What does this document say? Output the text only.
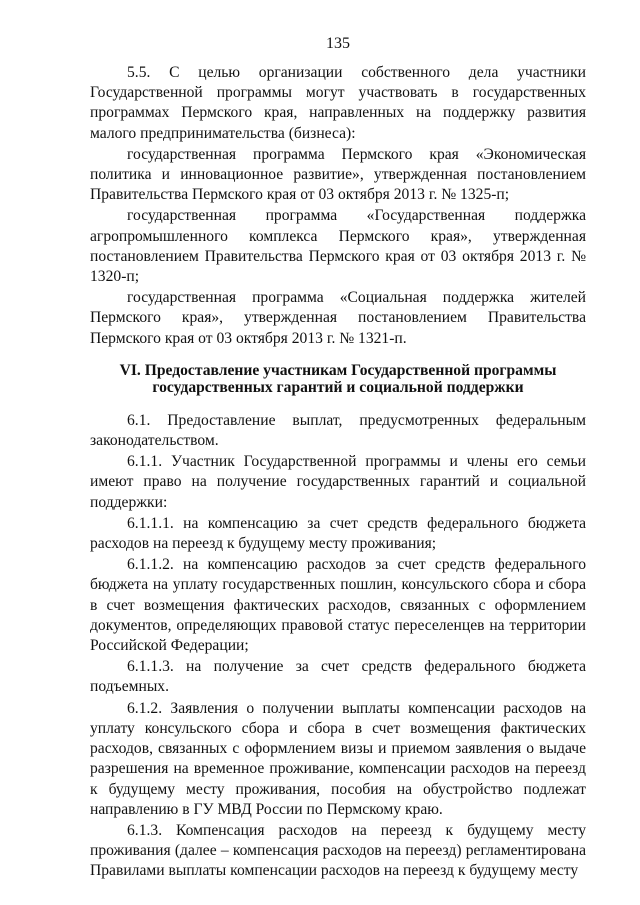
135

5.5. С целью организации собственного дела участники Государственной программы могут участвовать в государственных программах Пермского края, направленных на поддержку развития малого предпринимательства (бизнеса):

государственная программа Пермского края «Экономическая политика и инновационное развитие», утвержденная постановлением Правительства Пермского края от 03 октября 2013 г. № 1325-п;

государственная программа «Государственная поддержка агропромышленного комплекса Пермского края», утвержденная постановлением Правительства Пермского края от 03 октября 2013 г. № 1320-п;

государственная программа «Социальная поддержка жителей Пермского края», утвержденная постановлением Правительства Пермского края от 03 октября 2013 г. № 1321-п.

VI. Предоставление участникам Государственной программы
государственных гарантий и социальной поддержки

6.1. Предоставление выплат, предусмотренных федеральным законодательством.

6.1.1. Участник Государственной программы и члены его семьи имеют право на получение государственных гарантий и социальной поддержки:

6.1.1.1. на компенсацию за счет средств федерального бюджета расходов на переезд к будущему месту проживания;

6.1.1.2. на компенсацию расходов за счет средств федерального бюджета на уплату государственных пошлин, консульского сбора и сбора в счет возмещения фактических расходов, связанных с оформлением документов, определяющих правовой статус переселенцев на территории Российской Федерации;

6.1.1.3. на получение за счет средств федерального бюджета подъемных.

6.1.2. Заявления о получении выплаты компенсации расходов на уплату консульского сбора и сбора в счет возмещения фактических расходов, связанных с оформлением визы и приемом заявления о выдаче разрешения на временное проживание, компенсации расходов на переезд к будущему месту проживания, пособия на обустройство подлежат направлению в ГУ МВД России по Пермскому краю.

6.1.3. Компенсация расходов на переезд к будущему месту проживания (далее – компенсация расходов на переезд) регламентирована Правилами выплаты компенсации расходов на переезд к будущему месту
